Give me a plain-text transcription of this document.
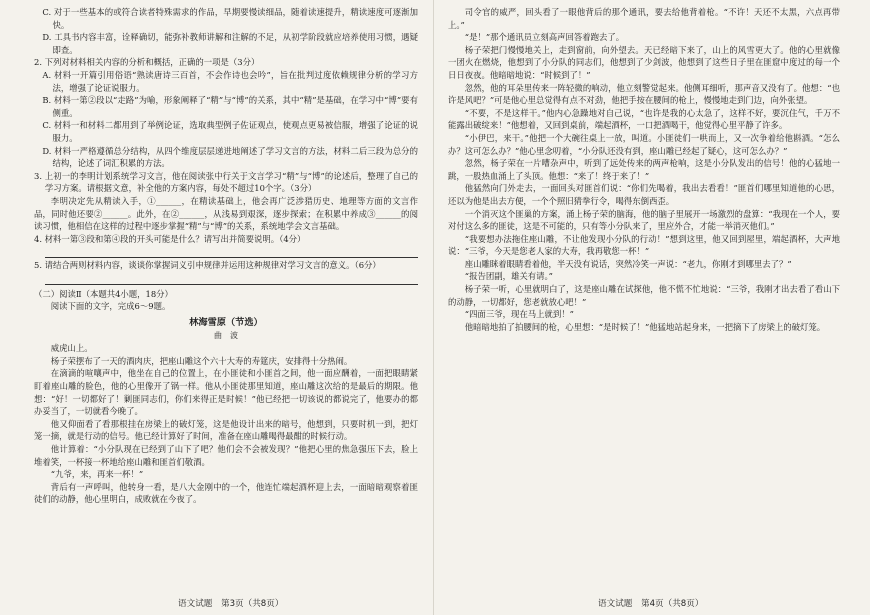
C. 对于一些基本的或符合读者特殊需求的作品，早期要慢读细品，随着读速提升，精读速度可逐渐加快。

D. 工具书内容丰富，诠释确切，能弥补教师讲解和注解的不足，从初学阶段就应培养使用习惯，遇疑即查。

2. 下列对材料相关内容的分析和概括，正确的一项是（3分）

A. 材料一开篇引用俗语“熟读唐诗三百首，不会作诗也会吟”，旨在批判过度依赖规律分析的学习方法，增强了论证说服力。

B. 材料一第②段以“走路”为喻，形象阐释了“精”与“博”的关系，其中“精”是基础，在学习中“博”要有侧重。

C. 材料一和材料二都用到了举例论证，选取典型例子佐证观点，使观点更易被信服，增强了论证的说服力。

D. 材料一严格遵循总分结构，从四个维度层层递进地阐述了学习文言的方法，材料二后三段为总分的结构，论述了词汇积累的方法。

3. 上初一的李明计划系统学习文言，他在阅读张中行关于文言学习“精”与“博”的论述后，整理了自己的学习方案。请根据文意，补全他的方案内容，每处不超过10个字。（3分）

李明决定先从精读入手，①______，在精读基础上，他会再广泛涉猎历史、地理等方面的文言作品，同时他还要②______。此外，在②______，从浅易到艰深，逐步探索；在积累中养成③______的阅读习惯，他相信在这样的过程中逐步掌握“精”与“博”的关系，系统地学会文言基础。

4. 材料一第③段和第④段的开头可能是什么？请写出并简要说明。（4分）

5. 请结合两则材料内容，谈谈你掌握词义引申规律并运用这种规律对学习文言的意义。（6分）

（二）阅读Ⅱ（本题共4小题，18分）

阅读下面的文字，完成6～9题。

林海雪原（节选）

曲　波

威虎山上。

杨子荣摆布了一天的酒肉庆，把座山雕这个六十大寿的寿筵庆，安排得十分热闹。

在滴滴的喧嚷声中，他坐在自己的位置上，在小匪徒和小匪首之间，他一面应酬着，一面把眼睛紧盯着座山雕的脸色，他的心里像开了锅一样。他从小匪徒那里知道，座山雕这次给的是最后的期限。他想：“好！一切都好了！剿匪同志们，你们来得正是时候！”他已经把一切该说的都说完了，他要办的都办妥当了，一切就看今晚了。

他又仰面看了看那根挂在房梁上的破灯笼，这是他设计出来的暗号，他想到，只要时机一到，把灯笼一摘，就是行动的信号。他已经计算好了时间，准备在座山雕喝得最酣的时候行动。

他计算着：“小分队现在已经到了山下了吧？他们会不会被发现？”他把心里的焦急强压下去，脸上堆着笑，一杯接一杯地给座山雕和匪首们敬酒。

“九爷，来，再来一杯！”

背后有一声呼叫，他转身一看，是八大金刚中的一个，他连忙端起酒杯迎上去，一面暗暗观察着匪徒们的动静，他心里明白，成败就在今夜了。

司令官的威严，回头看了一眼他背后的那个通讯，要去给他背着枪。“不许！天还不太黑，六点再带上。”

“是！”那个通讯员立刻高声回答着跑去了。

杨子荣把门慢慢地关上，走到窗前，向外望去。天已经暗下来了，山上的风雪更大了。他的心里就像一团火在燃烧，他想到了小分队的同志们，他想到了少剑波，他想到了这些日子里在匪窟中度过的每一个日日夜夜。他暗暗地说：“时候到了！”

忽然，他的耳朵里传来一阵轻微的响动，他立刻警觉起来。他侧耳细听，那声音又没有了。他想：“也许是风吧？”可是他心里总觉得有点不对劲，他把手按在腰间的枪上，慢慢地走到门边，向外张望。

“不要，不是这样干。”他内心急躁地对自己说，“也许是我的心太急了，这样不好，要沉住气，千万不能露出破绽来！”他想着，又回到桌前，端起酒杯，一口把酒喝干，他觉得心里平静了许多。

“小伊巴，来干。”他把一个大碗往桌上一放，叫道。小匪徒们一哄而上，又一次争着给他斟酒。“怎么办？这可怎么办？”他心里念叨着，“小分队还没有到，座山雕已经起了疑心，这可怎么办？”

忽然，杨子荣在一片嘈杂声中，听到了远处传来的两声枪响，这是小分队发出的信号！他的心猛地一跳，一股热血涌上了头顶。他想：“来了！终于来了！”

他猛然向门外走去，一面回头对匪首们说：“你们先喝着，我出去看看！”匪首们哪里知道他的心思，还以为他是出去方便，一个个照旧猜拳行令，喝得东倒西歪。

一个消灭这个匪巢的方案，涌上杨子荣的脑海，他的脑子里展开一场激烈的盘算：“我现在一个人，要对付这么多的匪徒，这是不可能的，只有等小分队来了，里应外合，才能一举消灭他们。”

“我要想办法拖住座山雕，不让他发现小分队的行动！”想到这里，他又回到屋里，端起酒杯，大声地说：“三爷，今天是您老人家的大寿，我再敬您一杯！”

座山雕眯着眼睛看着他，半天没有说话，突然冷笑一声说：“老九，你刚才到哪里去了？”

“报告团副，雄关有请。”

杨子荣一听，心里就明白了，这是座山雕在试探他，他不慌不忙地说：“三爷，我刚才出去看了看山下的动静，一切都好，您老就放心吧！”

“四面三爷，现在马上就到！”

他暗暗地拍了拍腰间的枪，心里想：“是时候了！”他猛地站起身来，一把摘下了房梁上的破灯笼。

语文试题　第3页（共8页）	语文试题　第4页（共8页）
